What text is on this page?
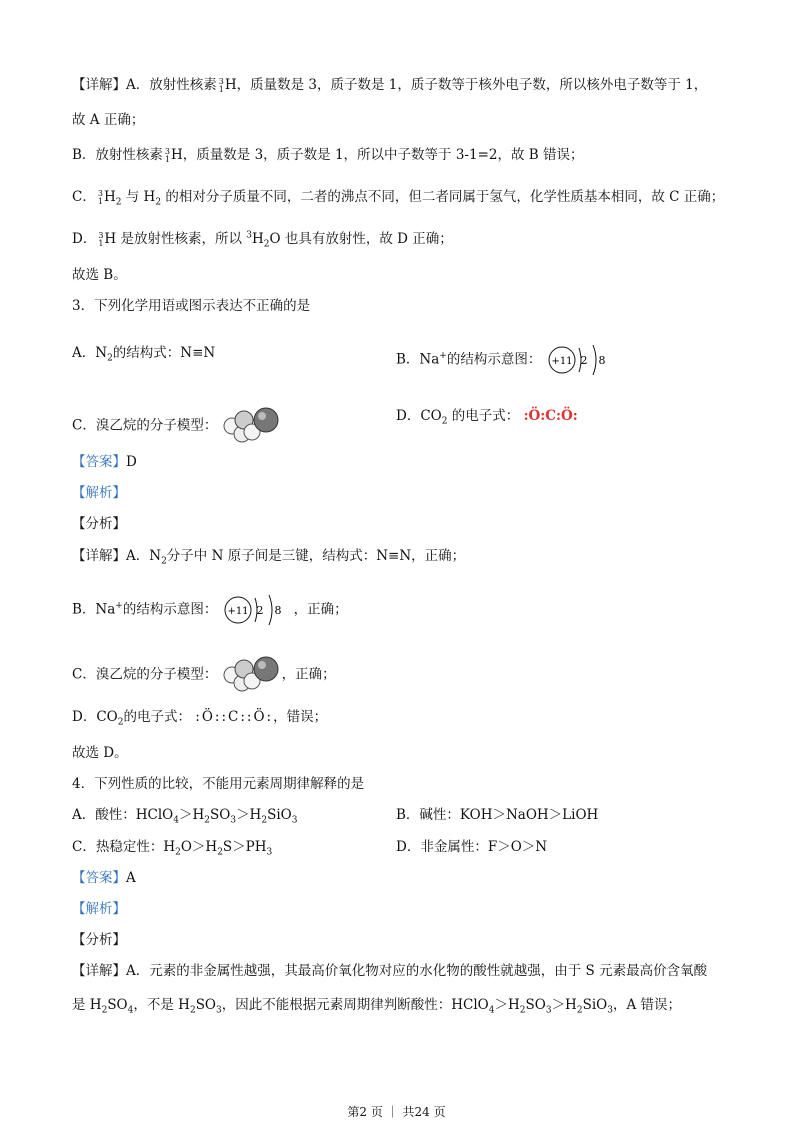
【详解】A．放射性核素 3
1 H，质量数是 3，质子数是 1，质子数等于核外电子数，所以核外电子数等于 1，
故 A 正确；
B．放射性核素 3
1 H，质量数是 3，质子数是 1，所以中子数等于 3-1=2，故 B 错误；
C． 3
1 $H_2$ 与 $H_2$ 的相对分子质量不同，二者的沸点不同，但二者同属于氢气，化学性质基本相同，故 C 正确；
D． 3
1 H 是放射性核素，所以 $^3H_2O$ 也具有放射性，故 D 正确；
故选 B。
3．下列化学用语或图示表达不正确的是
A．$N_2$的结构式：N≡N	B．Na+的结构示意图： +11 2 8
C．溴乙烷的分子模型：
D．$CO_2$ 的电子式： :Ö:C:Ö:
【答案】D
【解析】
【分析】
【详解】A．$N_2$分子中 N 原子间是三键，结构式：N≡N，正确；
B．Na+的结构示意图： +11 2 8 ，正确；
C．溴乙烷的分子模型：	，正确；
D．$CO_2$的电子式： :Ö::C::Ö:，错误；
故选 D。
4．下列性质的比较，不能用元素周期律解释的是
A．酸性：$HClO_4>H_2SO_3>H_2SiO_3$	B．碱性：KOH＞NaOH＞LiOH
C．热稳定性：$H_2O>H_2S>PH_3$	D．非金属性：F＞O＞N
【答案】A
【解析】
【分析】
【详解】A．元素的非金属性越强，其最高价氧化物对应的水化物的酸性就越强，由于 S 元素最高价含氧酸
是 $H_2SO_4$，不是 $H_2SO_3$，因此不能根据元素周期律判断酸性：$HClO_4>H_2SO_3>H_2SiO_3$，A 错误；
第2 页 ｜ 共24 页
